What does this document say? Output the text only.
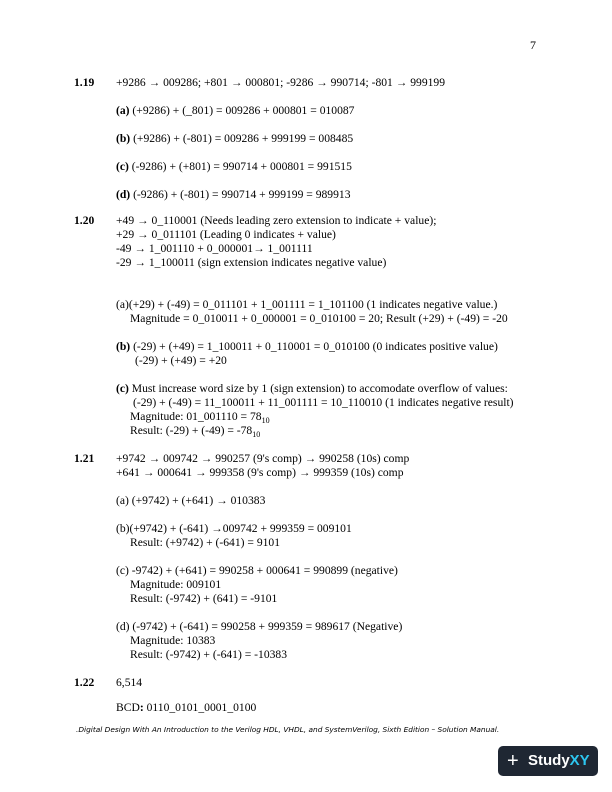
7
1.19 +9286 → 009286; +801 → 000801; -9286 → 990714; -801 → 999199
(a) (+9286) + (_801) = 009286 + 000801 = 010087
(b) (+9286) + (-801) = 009286 + 999199 = 008485
(c) (-9286) + (+801) = 990714 + 000801 = 991515
(d) (-9286) + (-801) = 990714 + 999199 = 989913
1.20 +49 → 0_110001 (Needs leading zero extension to indicate + value);
+29 → 0_011101 (Leading 0 indicates + value)
-49 → 1_001110 + 0_000001→ 1_001111
-29 → 1_100011 (sign extension indicates negative value)
(a)(+29) + (-49) = 0_011101 + 1_001111 = 1_101100 (1 indicates negative value.)
Magnitude = 0_010011 + 0_000001 = 0_010100 = 20; Result (+29) + (-49) = -20
(b) (-29) + (+49) = 1_100011 + 0_110001 = 0_010100 (0 indicates positive value)
(-29) + (+49) = +20
(c) Must increase word size by 1 (sign extension) to accomodate overflow of values:
(-29) + (-49) = 11_100011 + 11_001111 = 10_110010 (1 indicates negative result)
Magnitude: 01_001110 = $78_{10}$
Result: $(-29) + (-49) = -78_{10}$
1.21 +9742 → 009742 → 990257 (9's comp) → 990258 (10s) comp
+641 → 000641 → 999358 (9's comp) → 999359 (10s) comp
(a) (+9742) + (+641) → 010383
(b)(+9742) + (-641) →009742 + 999359 = 009101
Result: (+9742) + (-641) = 9101
(c) -9742) + (+641) = 990258 + 000641 = 990899 (negative)
Magnitude: 009101
Result: (-9742) + (641) = -9101
(d) (-9742) + (-641) = 990258 + 999359 = 989617 (Negative)
Magnitude: 10383
Result: (-9742) + (-641) = -10383
1.22 6,514
BCD: 0110_0101_0001_0100
.Digital Design With An Introduction to the Verilog HDL, VHDL, and SystemVerilog, Sixth Edition – Solution Manual.
+ StudyXY
